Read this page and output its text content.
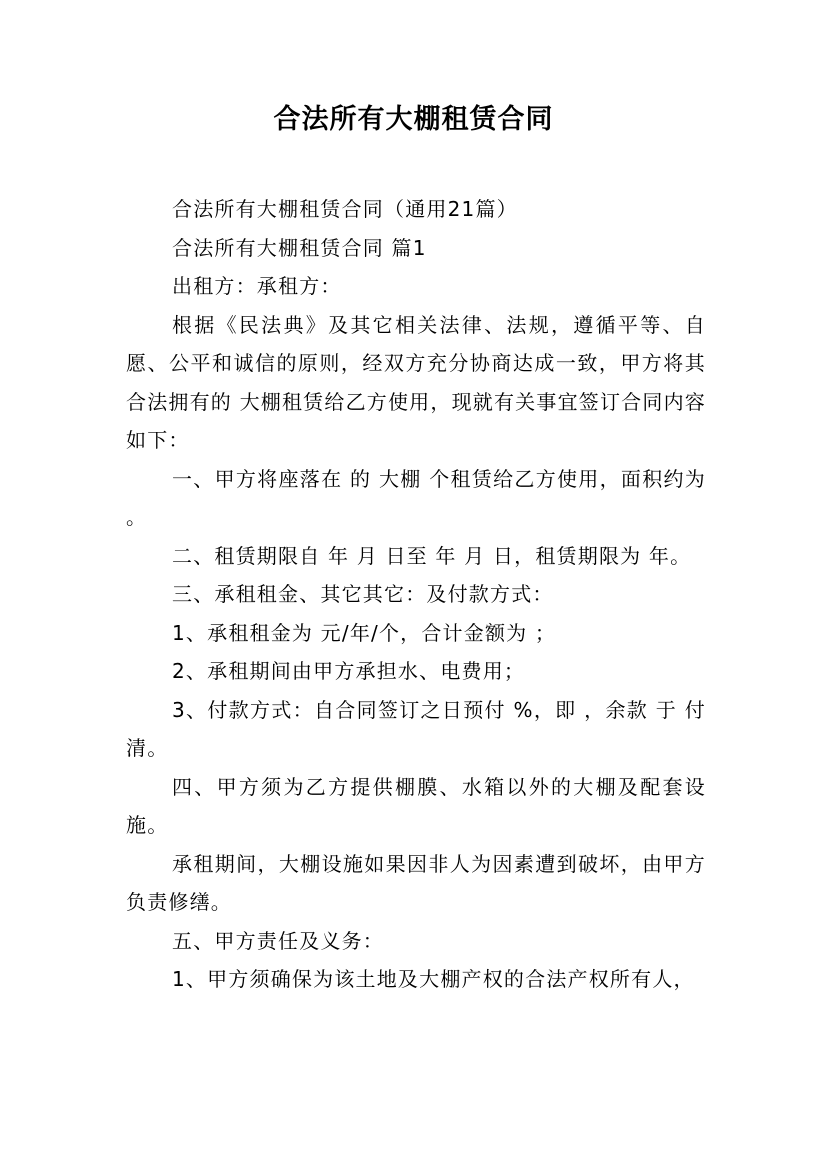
合法所有大棚租赁合同

合法所有大棚租赁合同（通用21篇）

合法所有大棚租赁合同 篇1

出租方：承租方：

根据《民法典》及其它相关法律、法规，遵循平等、自愿、公平和诚信的原则，经双方充分协商达成一致，甲方将其合法拥有的 大棚租赁给乙方使用，现就有关事宜签订合同内容如下：

一、甲方将座落在 的 大棚 个租赁给乙方使用，面积约为 。

二、租赁期限自 年 月 日至 年 月 日，租赁期限为 年。

三、承租租金、其它其它：及付款方式：

1、承租租金为 元/年/个，合计金额为 ；

2、承租期间由甲方承担水、电费用；

3、付款方式：自合同签订之日预付 %，即 ，余款 于 付清。

四、甲方须为乙方提供棚膜、水箱以外的大棚及配套设施。

承租期间，大棚设施如果因非人为因素遭到破坏，由甲方负责修缮。

五、甲方责任及义务：

1、甲方须确保为该土地及大棚产权的合法产权所有人，
